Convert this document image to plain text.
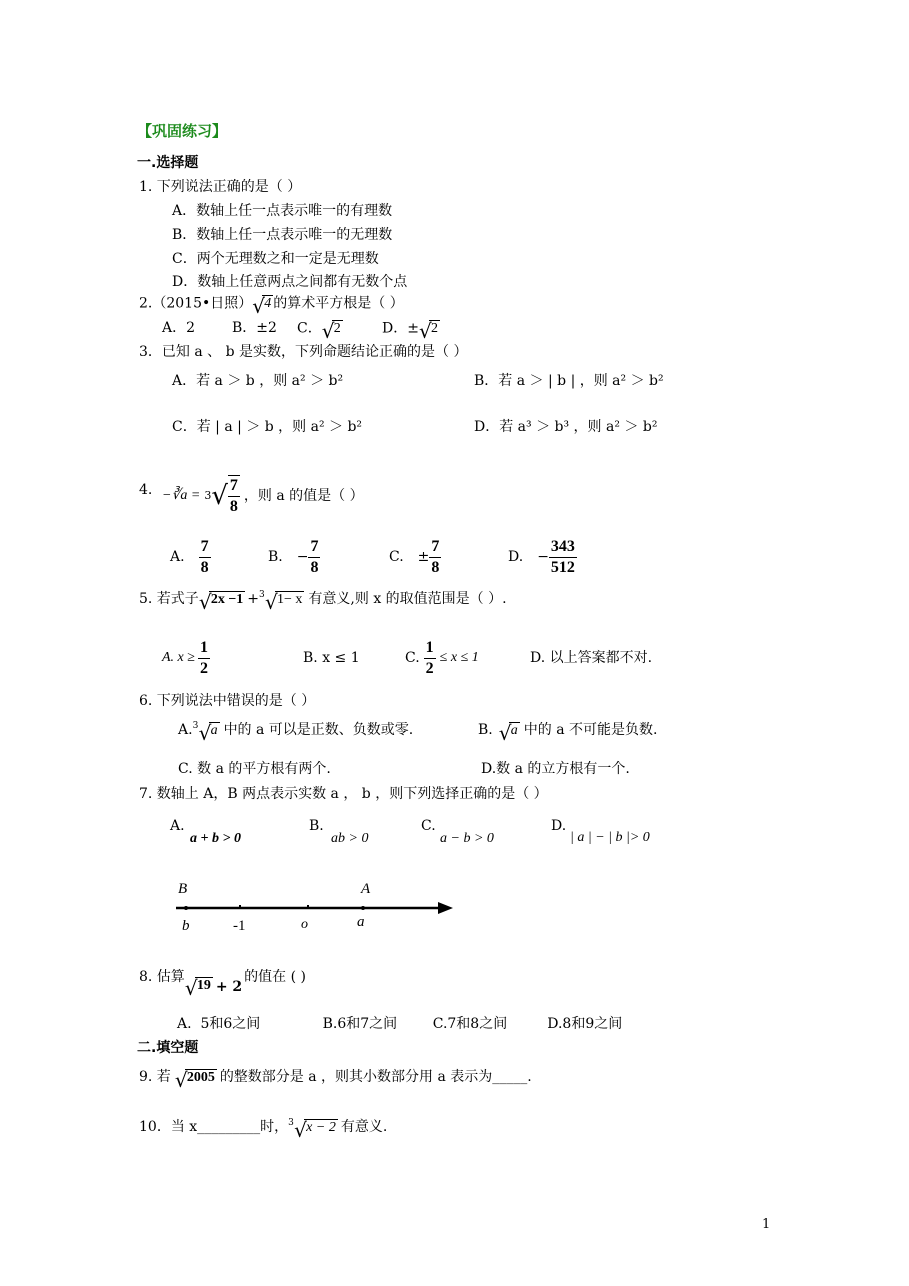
【巩固练习】
一.选择题
1. 下列说法正确的是（ ）
A．数轴上任一点表示唯一的有理数
B．数轴上任一点表示唯一的无理数
C．两个无理数之和一定是无理数
D．数轴上任意两点之间都有无数个点
2.（2015•日照） √ 4 的算术平方根是（ ）
A．2	B．±2 C． √ 2	D．± √ 2
3．已知 a 、 b 是实数，下列命题结论正确的是（ ）
A．若 a ＞ b ，则 a² ＞ b²	B．若 a ＞ | b | ，则 a² ＞ b²
C．若 | a | ＞ b ，则 a² ＞ b²	D．若 a³ ＞ b³ ，则 a² ＞ b²
4. −∛a = 3 √ $\frac{7}{8}$ ，则 a 的值是（ ）
A. $\frac{7}{8}$	B. − $\frac{7}{8}$	C. ± $\frac{7}{8}$	D. − $\frac{343}{512}$
5. 若式子 √ 2x −1 + 3 √ 1− x 有意义,则 x 的取值范围是（ ）.
A. $x \ge \frac{1}{2}$	B. x ≤ 1	C. $\frac{1}{2} \le x \le 1$	D. 以上答案都不对.
6. 下列说法中错误的是（ ）
A. 3 √ a 中的 a 可以是正数、负数或零.	B. √ a 中的 a 不可能是负数.
C. 数 a 的平方根有两个.	D.数 a 的立方根有一个.
7. 数轴上 A，B 两点表示实数 a ， b ，则下列选择正确的是（ ）
A.
a + b > 0
B.
ab > 0
C.
a − b > 0
D.
| a | − | b |> 0
B	A
b	-1	o	a
8. 估算 √ 19 + 2
的值在 ( )
A.  5和6之间              B.6和7之间        C.7和8之间         D.8和9之间
二.填空题
9. 若 √ 2005 的整数部分是 a ，则其小数部分用 a 表示为_____.
10．当 x _________ 时， 3 √ x − 2 有意义.
1
